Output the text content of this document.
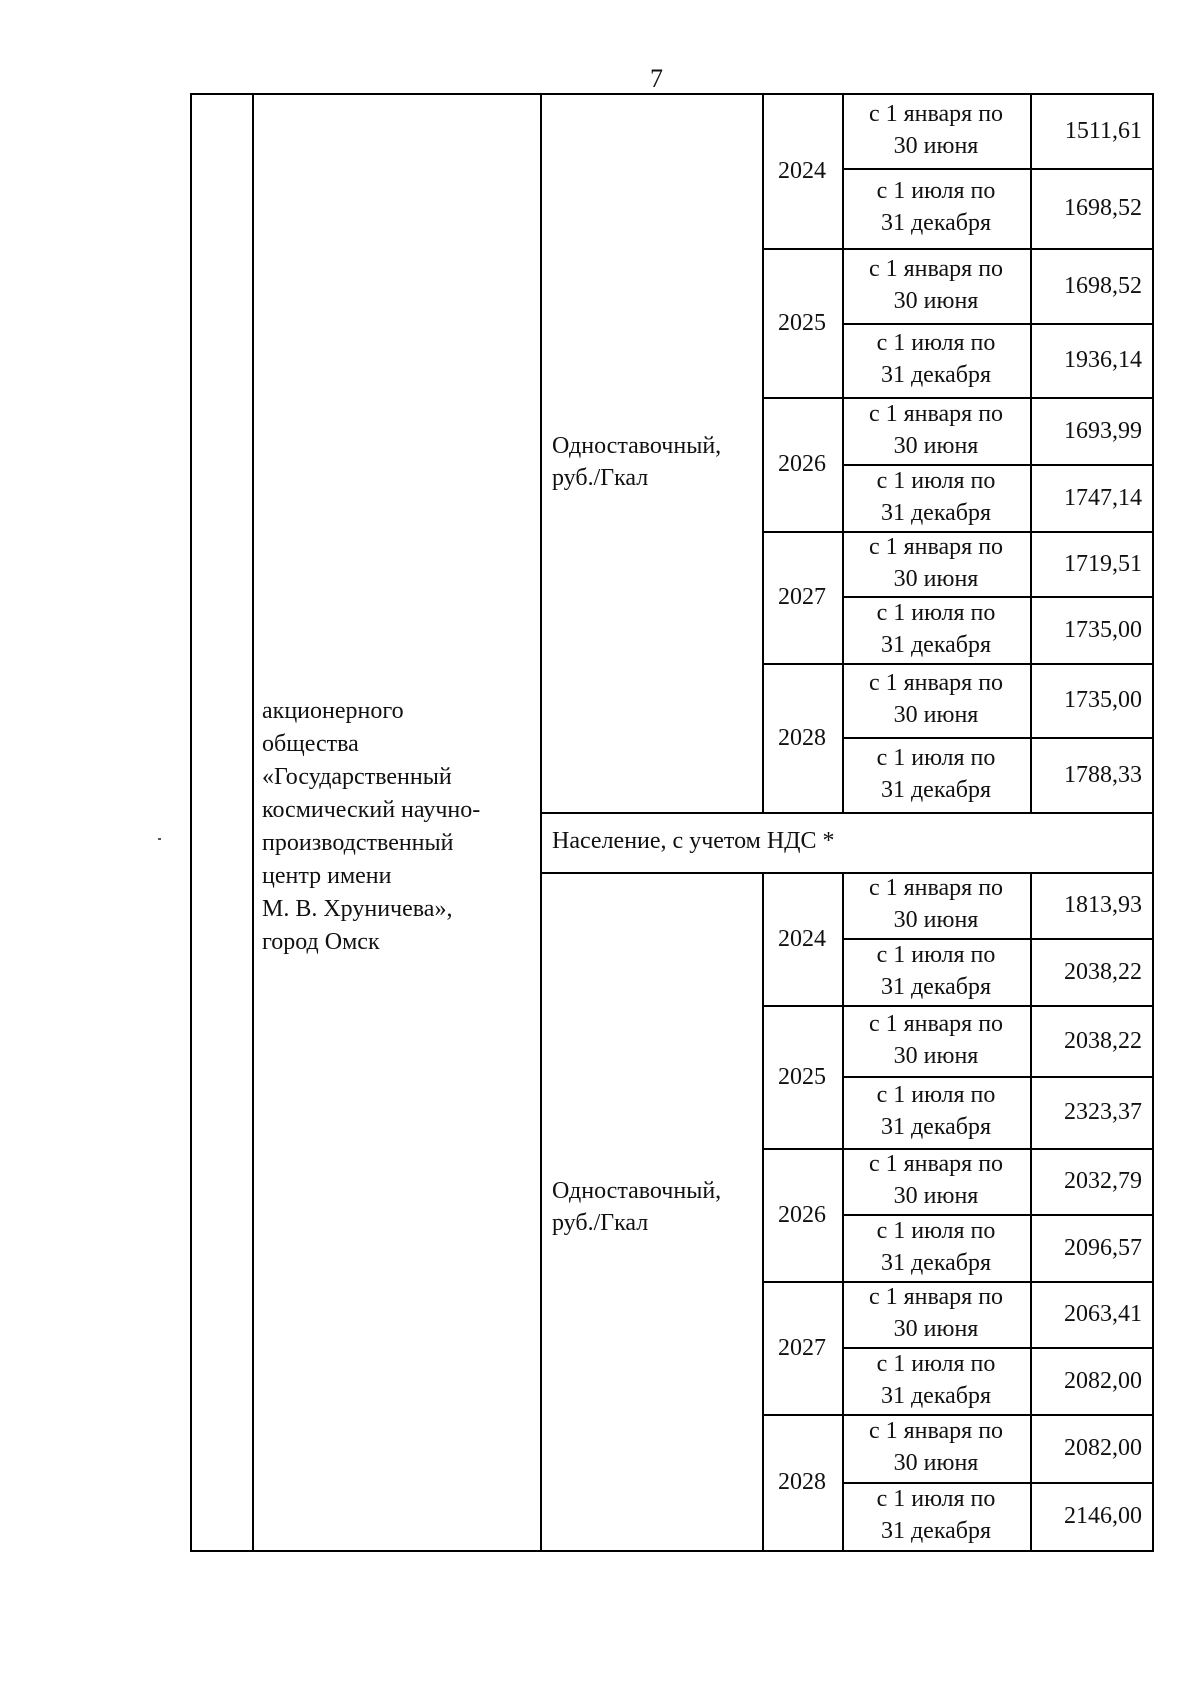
7
акционерного
общества
«Государственный
космический научно-
производственный
центр имени
М. В. Хруничева»,
город Омск
Население, с учетом НДС *
Одноставочный,
руб./Гкал
2024
с 1 января по
30 июня
1511,61
с 1 июля по
31 декабря
1698,52
2025
с 1 января по
30 июня
1698,52
с 1 июля по
31 декабря
1936,14
2026
с 1 января по
30 июня
1693,99
с 1 июля по
31 декабря
1747,14
2027
с 1 января по
30 июня
1719,51
с 1 июля по
31 декабря
1735,00
2028
с 1 января по
30 июня
1735,00
с 1 июля по
31 декабря
1788,33
Одноставочный,
руб./Гкал
2024
с 1 января по
30 июня
1813,93
с 1 июля по
31 декабря
2038,22
2025
с 1 января по
30 июня
2038,22
с 1 июля по
31 декабря
2323,37
2026
с 1 января по
30 июня
2032,79
с 1 июля по
31 декабря
2096,57
2027
с 1 января по
30 июня
2063,41
с 1 июля по
31 декабря
2082,00
2028
с 1 января по
30 июня
2082,00
с 1 июля по
31 декабря
2146,00
